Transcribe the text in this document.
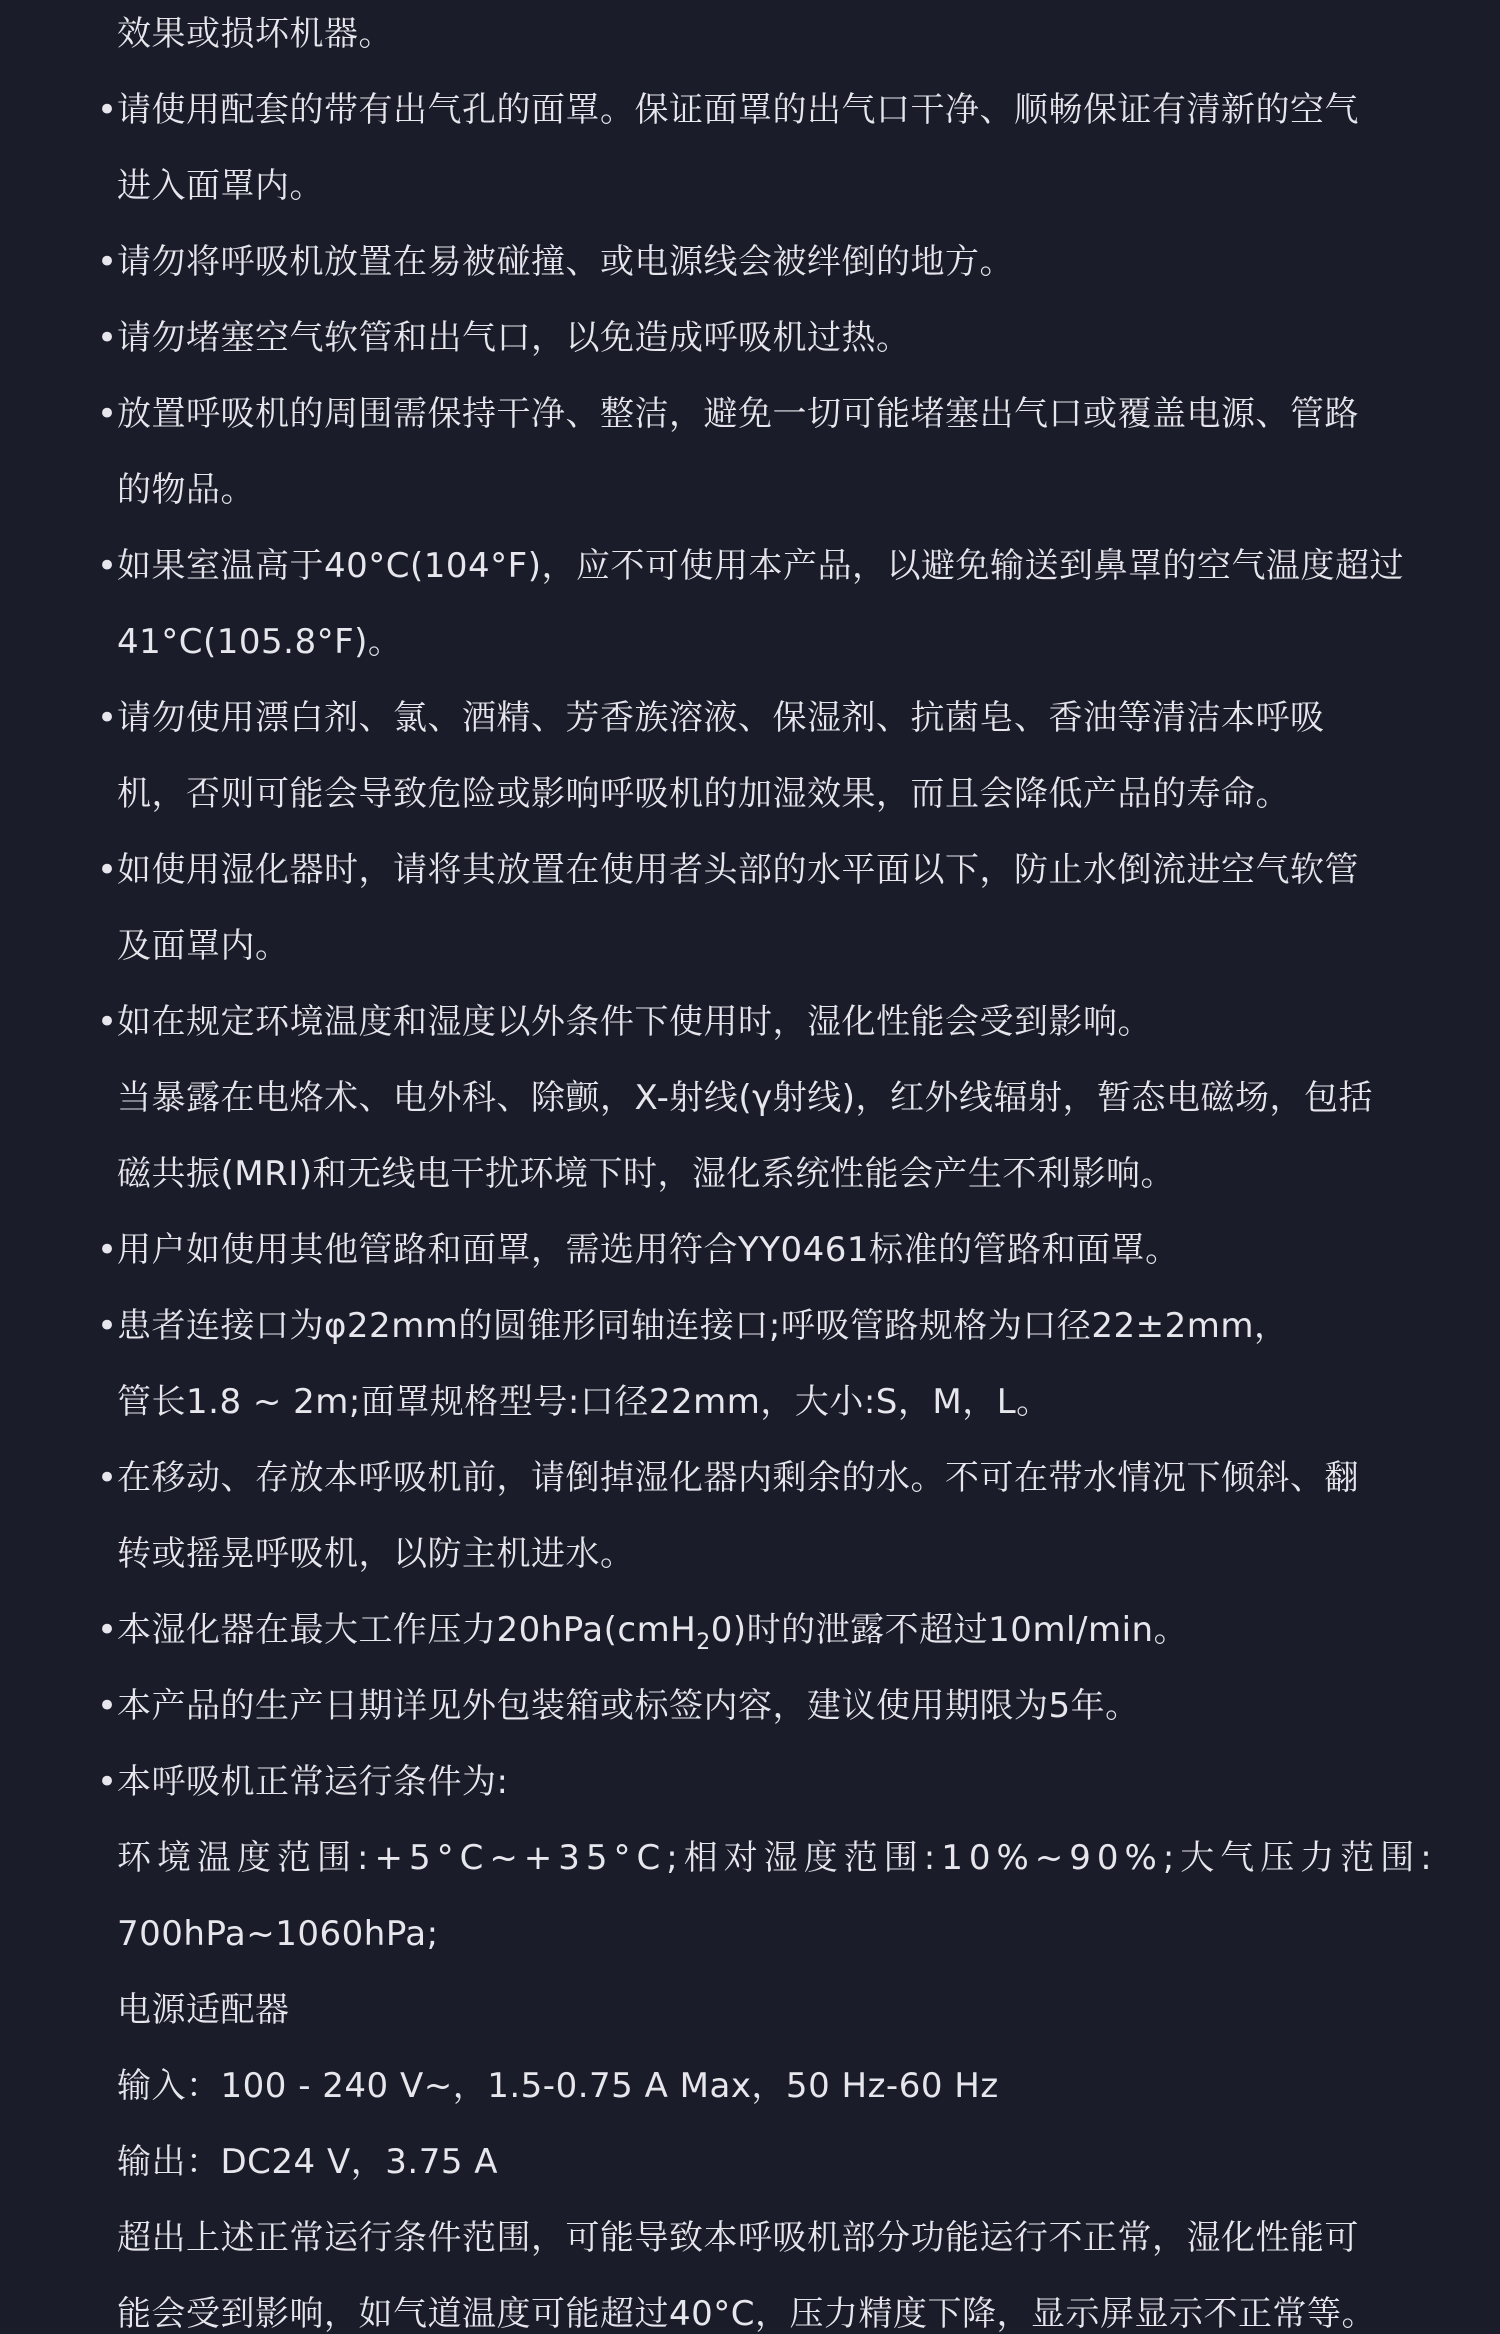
效果或损坏机器。
• 请使用配套的带有出气孔的面罩。保证面罩的出气口干净、顺畅保证有清新的空气
进入面罩内。
• 请勿将呼吸机放置在易被碰撞、或电源线会被绊倒的地方。
• 请勿堵塞空气软管和出气口，以免造成呼吸机过热。
• 放置呼吸机的周围需保持干净、整洁，避免一切可能堵塞出气口或覆盖电源、管路
的物品。
• 如果室温高于40°C(104°F)，应不可使用本产品，以避免输送到鼻罩的空气温度超过
41°C(105.8°F)。
• 请勿使用漂白剂、氯、酒精、芳香族溶液、保湿剂、抗菌皂、香油等清洁本呼吸
机，否则可能会导致危险或影响呼吸机的加湿效果，而且会降低产品的寿命。
• 如使用湿化器时，请将其放置在使用者头部的水平面以下，防止水倒流进空气软管
及面罩内。
• 如在规定环境温度和湿度以外条件下使用时，湿化性能会受到影响。
当暴露在电烙术、电外科、除颤，X-射线(γ射线)，红外线辐射，暂态电磁场，包括
磁共振(MRI)和无线电干扰环境下时，湿化系统性能会产生不利影响。
• 用户如使用其他管路和面罩，需选用符合YY0461标准的管路和面罩。
• 患者连接口为φ22mm的圆锥形同轴连接口;呼吸管路规格为口径22±2mm，
管长1.8 ~ 2m;面罩规格型号:口径22mm，大小:S，M，L。
• 在移动、存放本呼吸机前，请倒掉湿化器内剩余的水。不可在带水情况下倾斜、翻
转或摇晃呼吸机，以防主机进水。
• 本湿化器在最大工作压力20hPa(cmH$_2$0)时的泄露不超过10ml/min。
• 本产品的生产日期详见外包装箱或标签内容，建议使用期限为5年。
• 本呼吸机正常运行条件为:
环境温度范围:+5°C~+35°C;相对湿度范围:10%~90%;大气压力范围:
700hPa~1060hPa;
电源适配器
输入：100 - 240 V~，1.5-0.75 A Max，50 Hz-60 Hz
输出：DC24 V，3.75 A
超出上述正常运行条件范围，可能导致本呼吸机部分功能运行不正常，湿化性能可
能会受到影响，如气道温度可能超过40°C，压力精度下降，显示屏显示不正常等。
